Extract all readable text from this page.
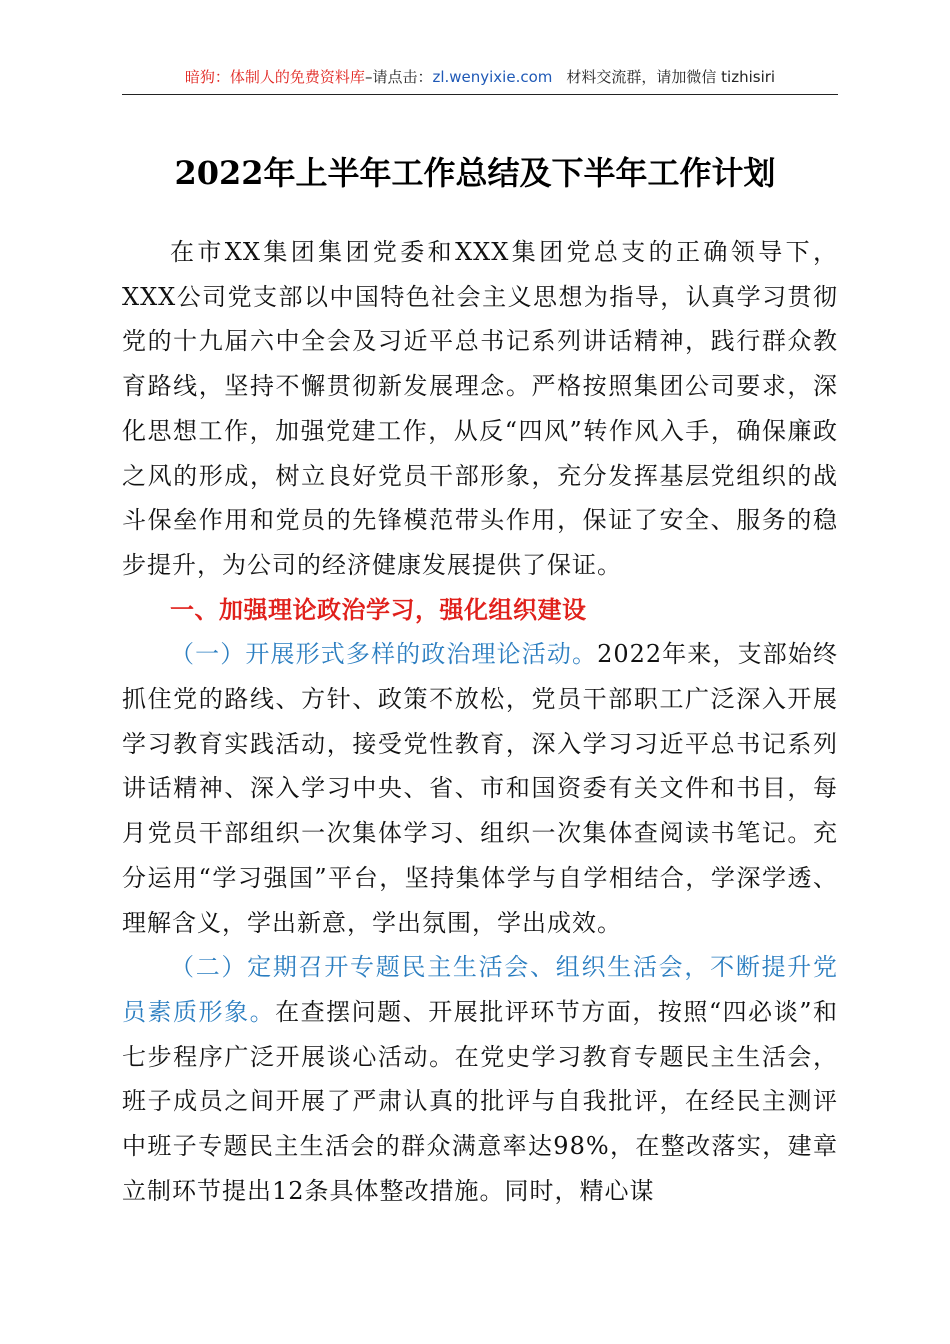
暗狗：体制人的免费资料库–请点击：zl.wenyixie.com 材料交流群，请加微信 tizhisiri
2022年上半年工作总结及下半年工作计划

在市XX集团集团党委和XXX集团党总支的正确领导下，XXX公司党支部以中国特色社会主义思想为指导，认真学习贯彻党的十九届六中全会及习近平总书记系列讲话精神，践行群众教育路线，坚持不懈贯彻新发展理念。严格按照集团公司要求，深化思想工作，加强党建工作，从反“四风”转作风入手，确保廉政之风的形成，树立良好党员干部形象，充分发挥基层党组织的战斗保垒作用和党员的先锋模范带头作用，保证了安全、服务的稳步提升，为公司的经济健康发展提供了保证。

一、加强理论政治学习，强化组织建设

（一）开展形式多样的政治理论活动。2022年来，支部始终抓住党的路线、方针、政策不放松，党员干部职工广泛深入开展学习教育实践活动，接受党性教育，深入学习习近平总书记系列讲话精神、深入学习中央、省、市和国资委有关文件和书目，每月党员干部组织一次集体学习、组织一次集体查阅读书笔记。充分运用“学习强国”平台，坚持集体学与自学相结合，学深学透、理解含义，学出新意，学出氛围，学出成效。

（二）定期召开专题民主生活会、组织生活会，不断提升党员素质形象。在查摆问题、开展批评环节方面，按照“四必谈”和七步程序广泛开展谈心活动。在党史学习教育专题民主生活会，班子成员之间开展了严肃认真的批评与自我批评，在经民主测评中班子专题民主生活会的群众满意率达98%，在整改落实，建章立制环节提出12条具体整改措施。同时，精心谋
